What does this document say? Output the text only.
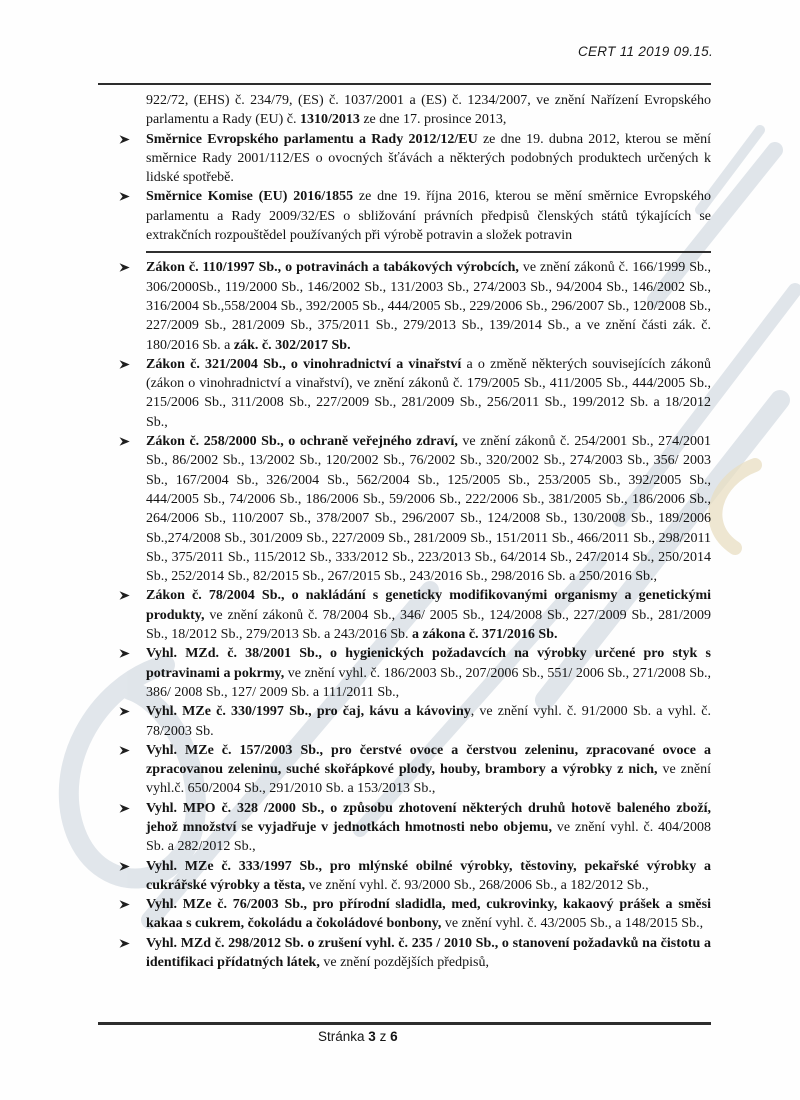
CERT 11 2019 09.15.
922/72, (EHS) č. 234/79, (ES) č. 1037/2001 a (ES) č. 1234/2007, ve znění Nařízení Evropského parlamentu a Rady (EU) č. 1310/2013 ze dne 17. prosince 2013,
Směrnice Evropského parlamentu a Rady 2012/12/EU ze dne 19. dubna 2012, kterou se mění směrnice Rady 2001/112/ES o ovocných šťávách a některých podobných produktech určených k lidské spotřebě.
Směrnice Komise (EU) 2016/1855 ze dne 19. října 2016, kterou se mění směrnice Evropského parlamentu a Rady 2009/32/ES o sbližování právních předpisů členských států týkajících se extrakčních rozpouštědel používaných při výrobě potravin a složek potravin
Zákon č. 110/1997 Sb., o potravinách a tabákových výrobcích, ve znění zákonů č. 166/1999 Sb., 306/2000Sb., 119/2000 Sb., 146/2002 Sb., 131/2003 Sb., 274/2003 Sb., 94/2004 Sb., 146/2002 Sb., 316/2004 Sb.,558/2004 Sb., 392/2005 Sb., 444/2005 Sb., 229/2006 Sb., 296/2007 Sb., 120/2008 Sb., 227/2009 Sb., 281/2009 Sb., 375/2011 Sb., 279/2013 Sb., 139/2014 Sb., a ve znění části zák. č. 180/2016 Sb. a zák. č. 302/2017 Sb.
Zákon č. 321/2004 Sb., o vinohradnictví a vinařství a o změně některých souvisejících zákonů (zákon o vinohradnictví a vinařství), ve znění zákonů č. 179/2005 Sb., 411/2005 Sb., 444/2005 Sb., 215/2006 Sb., 311/2008 Sb., 227/2009 Sb., 281/2009 Sb., 256/2011 Sb., 199/2012 Sb. a 18/2012 Sb.,
Zákon č. 258/2000 Sb., o ochraně veřejného zdraví, ve znění zákonů č. 254/2001 Sb., 274/2001 Sb., 86/2002 Sb., 13/2002 Sb., 120/2002 Sb., 76/2002 Sb., 320/2002 Sb., 274/2003 Sb., 356/ 2003 Sb., 167/2004 Sb., 326/2004 Sb., 562/2004 Sb., 125/2005 Sb., 253/2005 Sb., 392/2005 Sb., 444/2005 Sb., 74/2006 Sb., 186/2006 Sb., 59/2006 Sb., 222/2006 Sb., 381/2005 Sb., 186/2006 Sb., 264/2006 Sb., 110/2007 Sb., 378/2007 Sb., 296/2007 Sb., 124/2008 Sb., 130/2008 Sb., 189/2006 Sb.,274/2008 Sb., 301/2009 Sb., 227/2009 Sb., 281/2009 Sb., 151/2011 Sb., 466/2011 Sb., 298/2011 Sb., 375/2011 Sb., 115/2012 Sb., 333/2012 Sb., 223/2013 Sb., 64/2014 Sb., 247/2014 Sb., 250/2014 Sb., 252/2014 Sb., 82/2015 Sb., 267/2015 Sb., 243/2016 Sb., 298/2016 Sb. a 250/2016 Sb.,
Zákon č. 78/2004 Sb., o nakládání s geneticky modifikovanými organismy a genetickými produkty, ve znění zákonů č. 78/2004 Sb., 346/ 2005 Sb., 124/2008 Sb., 227/2009 Sb., 281/2009 Sb., 18/2012 Sb., 279/2013 Sb. a 243/2016 Sb. a zákona č. 371/2016 Sb.
Vyhl. MZd. č. 38/2001 Sb., o hygienických požadavcích na výrobky určené pro styk s potravinami a pokrmy, ve znění vyhl. č. 186/2003 Sb., 207/2006 Sb., 551/ 2006 Sb., 271/2008 Sb., 386/ 2008 Sb., 127/ 2009 Sb. a 111/2011 Sb.,
Vyhl. MZe č. 330/1997 Sb., pro čaj, kávu a kávoviny, ve znění vyhl. č. 91/2000 Sb. a vyhl. č. 78/2003 Sb.
Vyhl. MZe č. 157/2003 Sb., pro čerstvé ovoce a čerstvou zeleninu, zpracované ovoce a zpracovanou zeleninu, suché skořápkové plody, houby, brambory a výrobky z nich, ve znění vyhl.č. 650/2004 Sb., 291/2010 Sb. a 153/2013 Sb.,
Vyhl. MPO č. 328 /2000 Sb., o způsobu zhotovení některých druhů hotově baleného zboží, jehož množství se vyjadřuje v jednotkách hmotnosti nebo objemu, ve znění vyhl. č. 404/2008 Sb. a 282/2012 Sb.,
Vyhl. MZe č. 333/1997 Sb., pro mlýnské obilné výrobky, těstoviny, pekařské výrobky a cukrářské výrobky a těsta, ve znění vyhl. č. 93/2000 Sb., 268/2006 Sb., a 182/2012 Sb.,
Vyhl. MZe č. 76/2003 Sb., pro přírodní sladidla, med, cukrovinky, kakaový prášek a směsi kakaa s cukrem, čokoládu a čokoládové bonbony, ve znění vyhl. č. 43/2005 Sb., a 148/2015 Sb.,
Vyhl. MZd č. 298/2012 Sb. o zrušení vyhl. č. 235 / 2010 Sb., o stanovení požadavků na čistotu a identifikaci přídatných látek, ve znění pozdějších předpisů,
Stránka 3 z 6
